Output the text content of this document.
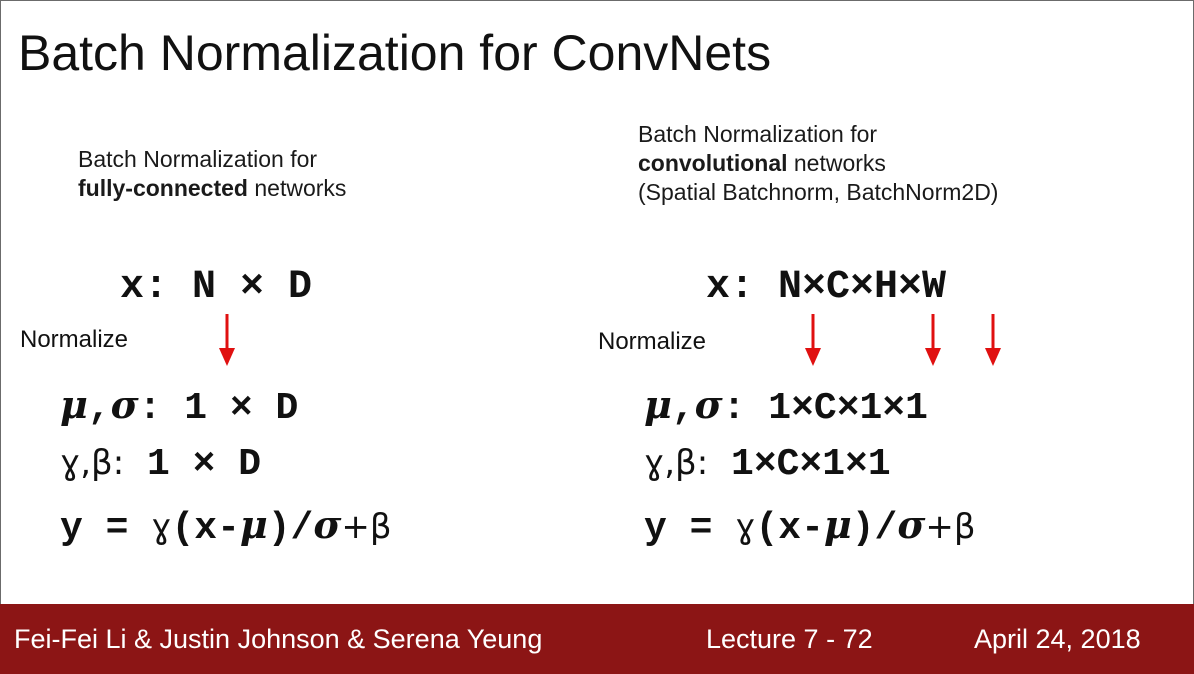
Batch Normalization for ConvNets
Batch Normalization for
fully-connected networks
x: N × D
Normalize
μ,σ: 1 × D
ɣ,β: 1 × D
y = ɣ(x-μ)/σ+β
Batch Normalization for
convolutional networks
(Spatial Batchnorm, BatchNorm2D)
x: N×C×H×W
Normalize
μ,σ: 1×C×1×1
ɣ,β: 1×C×1×1
y = ɣ(x-μ)/σ+β
Fei-Fei Li & Justin Johnson & Serena Yeung	Lecture 7 - 72	April 24, 2018
